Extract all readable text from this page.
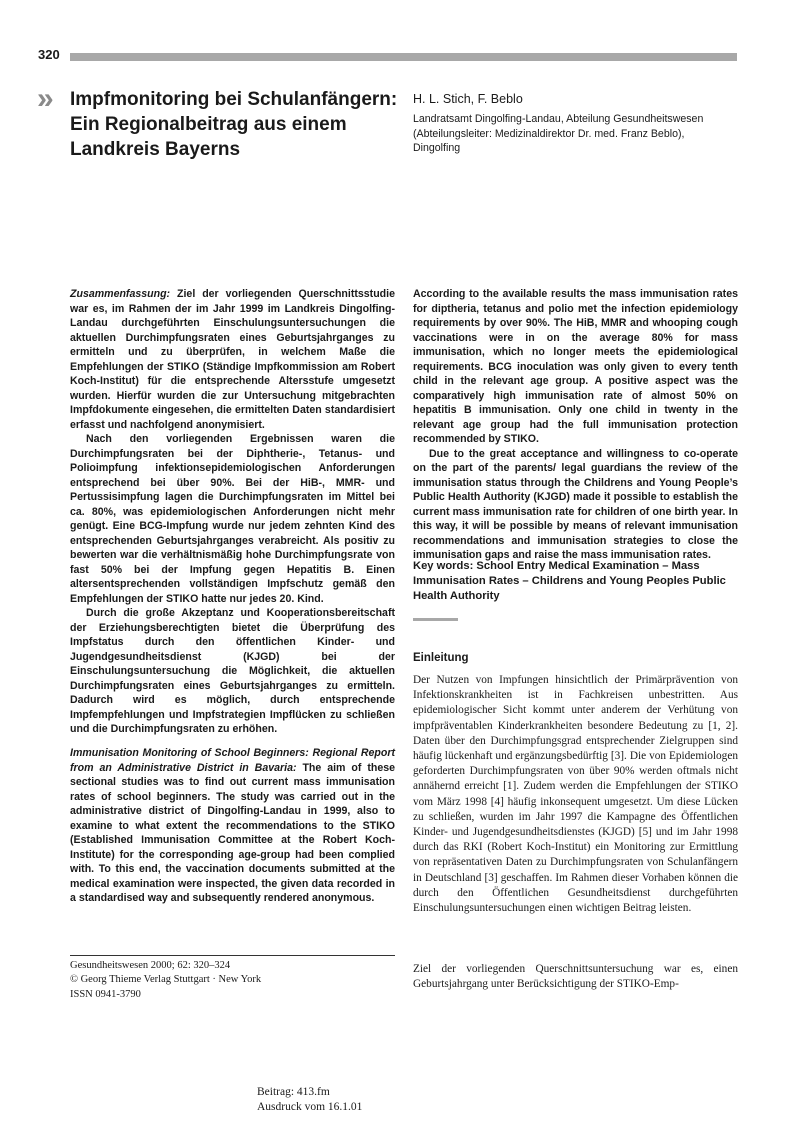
320
» Impfmonitoring bei Schulanfängern:
Ein Regionalbeitrag aus einem
Landkreis Bayerns
H. L. Stich, F. Beblo
Landratsamt Dingolfing-Landau, Abteilung Gesundheitswesen
(Abteilungsleiter: Medizinaldirektor Dr. med. Franz Beblo),
Dingolfing

Zusammenfassung: Ziel der vorliegenden Querschnittsstudie war es, im Rahmen der im Jahr 1999 im Landkreis Dingolfing-Landau durchgeführten Einschulungsuntersuchungen die aktuellen Durchimpfungsraten eines Geburtsjahrganges zu ermitteln und zu überprüfen, in welchem Maße die Empfehlungen der STIKO (Ständige Impfkommission am Robert Koch-Institut) für die entsprechende Altersstufe umgesetzt wurden. Hierfür wurden die zur Untersuchung mitgebrachten Impfdokumente eingesehen, die ermittelten Daten standardisiert erfasst und nachfolgend anonymisiert.

Nach den vorliegenden Ergebnissen waren die Durchimpfungsraten bei der Diphtherie-, Tetanus- und Polioimpfung infektionsepidemiologischen Anforderungen entsprechend bei über 90%. Bei der HiB-, MMR- und Pertussisimpfung lagen die Durchimpfungsraten im Mittel bei ca. 80%, was epidemiologischen Anforderungen nicht mehr genügt. Eine BCG-Impfung wurde nur jedem zehnten Kind des entsprechenden Geburtsjahrganges verabreicht. Als positiv zu bewerten war die verhältnismäßig hohe Durchimpfungsrate von fast 50% bei der Impfung gegen Hepatitis B. Einen altersentsprechenden vollständigen Impfschutz gemäß den Empfehlungen der STIKO hatte nur jedes 20. Kind.

Durch die große Akzeptanz und Kooperationsbereitschaft der Erziehungsberechtigten bietet die Überprüfung des Impfstatus durch den öffentlichen Kinder- und Jugendgesundheitsdienst (KJGD) bei der Einschulungsuntersuchung die Möglichkeit, die aktuellen Durchimpfungsraten eines Geburtsjahrganges zu ermitteln. Dadurch wird es möglich, durch entsprechende Impfempfehlungen und Impfstrategien Impflücken zu schließen und die Durchimpfungsraten zu erhöhen.

Immunisation Monitoring of School Beginners: Regional Report from an Administrative District in Bavaria: The aim of these sectional studies was to find out current mass immunisation rates of school beginners. The study was carried out in the administrative district of Dingolfing-Landau in 1999, also to examine to what extent the recommendations to the STIKO (Established Immunisation Committee at the Robert Koch-Institute) for the corresponding age-group had been complied with. To this end, the vaccination documents submitted at the medical examination were inspected, the given data recorded in a standardised way and subsequently rendered anonymous.

According to the available results the mass immunisation rates for diptheria, tetanus and polio met the infection epidemiology requirements by over 90%. The HiB, MMR and whooping cough vaccinations were in on the average 80% for mass immunisation, which no longer meets the epidemiological requirements. BCG inoculation was only given to every tenth child in the relevant age group. A positive aspect was the comparatively high immunisation rate of almost 50% on hepatitis B immunisation. Only one child in twenty in the relevant age group had the full immunisation protection recommended by STIKO.

Due to the great acceptance and willingness to co-operate on the part of the parents/ legal guardians the review of the immunisation status through the Childrens and Young People’s Public Health Authority (KJGD) made it possible to establish the current mass immunisation rate for children of one birth year. In this way, it will be possible by means of relevant immunisation recommendations and immunisation strategies to close the immunisation gaps and raise the mass immunisation rates.

Key words: School Entry Medical Examination – Mass Immunisation Rates – Childrens and Young Peoples Public Health Authority
Einleitung

Der Nutzen von Impfungen hinsichtlich der Primärprävention von Infektionskrankheiten ist in Fachkreisen unbestritten. Aus epidemiologischer Sicht kommt unter anderem der Verhütung von impfpräventablen Kinderkrankheiten besondere Bedeutung zu [1, 2]. Daten über den Durchimpfungsgrad entsprechender Zielgruppen sind häufig lückenhaft und ergänzungsbedürftig [3]. Die von Epidemiologen geforderten Durchimpfungsraten von über 90% werden oftmals nicht annähernd erreicht [1]. Zudem werden die Empfehlungen der STIKO vom März 1998 [4] häufig inkonsequent umgesetzt. Um diese Lücken zu schließen, wurden im Jahr 1997 die Kampagne des Öffentlichen Kinder- und Jugendgesundheitsdienstes (KJGD) [5] und im Jahr 1998 durch das RKI (Robert Koch-Institut) ein Monitoring zur Ermittlung von repräsentativen Daten zu Durchimpfungsraten von Schulanfängern in Deutschland [3] geschaffen. Im Rahmen dieser Vorhaben können die durch den Öffentlichen Gesundheitsdienst durchgeführten Einschulungsuntersuchungen einen wichtigen Beitrag leisten.

Ziel der vorliegenden Querschnittsuntersuchung war es, einen Geburtsjahrgang unter Berücksichtigung der STIKO-Emp-

Gesundheitswesen 2000; 62: 320–324
© Georg Thieme Verlag Stuttgart · New York
ISSN 0941-3790
Beitrag: 413.fm
Ausdruck vom 16.1.01
